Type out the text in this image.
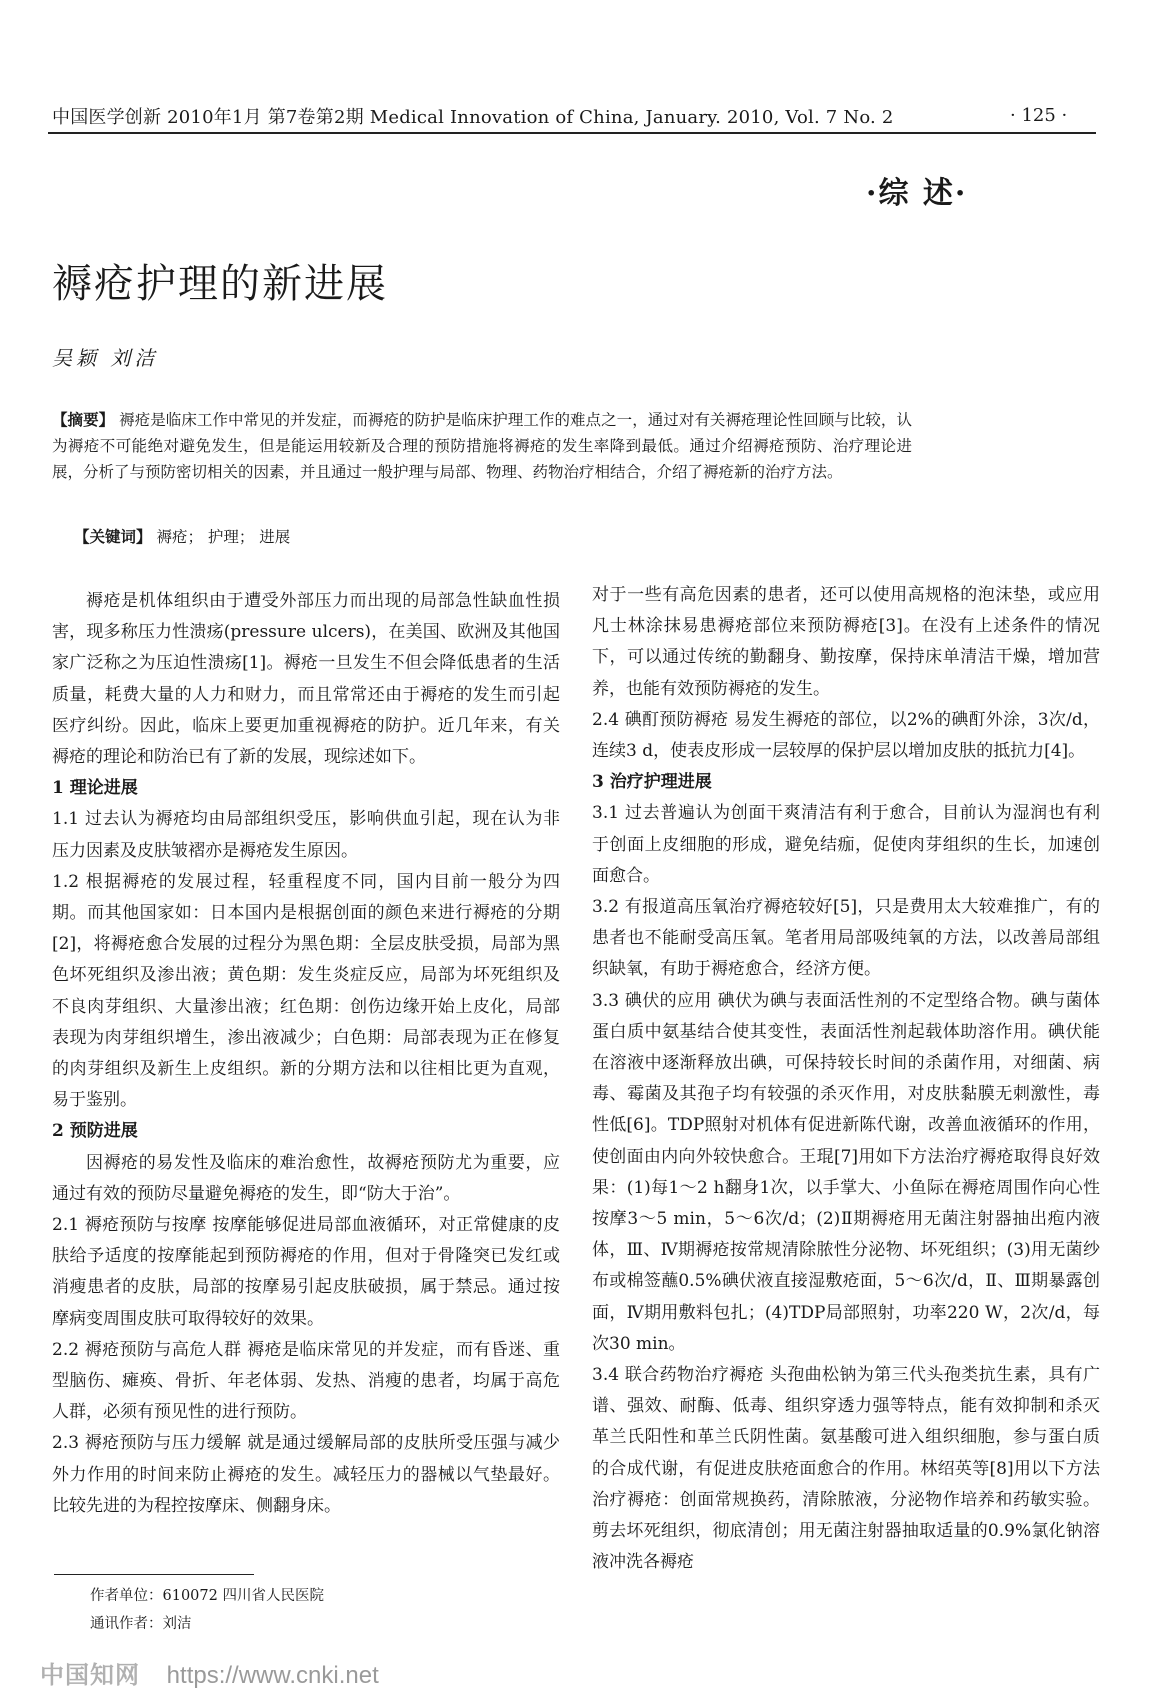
中国医学创新 2010年1月 第7卷第2期 Medical Innovation of China, January. 2010, Vol. 7 No. 2	· 125 ·
·综 述·
褥疮护理的新进展
吴颖 刘洁
【摘要】 褥疮是临床工作中常见的并发症，而褥疮的防护是临床护理工作的难点之一，通过对有关褥疮理论性回顾与比较，认为褥疮不可能绝对避免发生，但是能运用较新及合理的预防措施将褥疮的发生率降到最低。通过介绍褥疮预防、治疗理论进展，分析了与预防密切相关的因素，并且通过一般护理与局部、物理、药物治疗相结合，介绍了褥疮新的治疗方法。
【关键词】 褥疮； 护理； 进展

褥疮是机体组织由于遭受外部压力而出现的局部急性缺血性损害，现多称压力性溃疡(pressure ulcers)，在美国、欧洲及其他国家广泛称之为压迫性溃疡[1]。褥疮一旦发生不但会降低患者的生活质量，耗费大量的人力和财力，而且常常还由于褥疮的发生而引起医疗纠纷。因此，临床上要更加重视褥疮的防护。近几年来，有关褥疮的理论和防治已有了新的发展，现综述如下。

1 理论进展

1.1 过去认为褥疮均由局部组织受压，影响供血引起，现在认为非压力因素及皮肤皱褶亦是褥疮发生原因。

1.2 根据褥疮的发展过程，轻重程度不同，国内目前一般分为四期。而其他国家如：日本国内是根据创面的颜色来进行褥疮的分期[2]，将褥疮愈合发展的过程分为黑色期：全层皮肤受损，局部为黑色坏死组织及渗出液；黄色期：发生炎症反应，局部为坏死组织及不良肉芽组织、大量渗出液；红色期：创伤边缘开始上皮化，局部表现为肉芽组织增生，渗出液减少；白色期：局部表现为正在修复的肉芽组织及新生上皮组织。新的分期方法和以往相比更为直观，易于鉴别。

2 预防进展

因褥疮的易发性及临床的难治愈性，故褥疮预防尤为重要，应通过有效的预防尽量避免褥疮的发生，即“防大于治”。

2.1 褥疮预防与按摩 按摩能够促进局部血液循环，对正常健康的皮肤给予适度的按摩能起到预防褥疮的作用，但对于骨隆突已发红或消瘦患者的皮肤，局部的按摩易引起皮肤破损，属于禁忌。通过按摩病变周围皮肤可取得较好的效果。

2.2 褥疮预防与高危人群 褥疮是临床常见的并发症，而有昏迷、重型脑伤、瘫痪、骨折、年老体弱、发热、消瘦的患者，均属于高危人群，必须有预见性的进行预防。

2.3 褥疮预防与压力缓解 就是通过缓解局部的皮肤所受压强与减少外力作用的时间来防止褥疮的发生。减轻压力的器械以气垫最好。比较先进的为程控按摩床、侧翻身床。

对于一些有高危因素的患者，还可以使用高规格的泡沫垫，或应用凡士林涂抹易患褥疮部位来预防褥疮[3]。在没有上述条件的情况下，可以通过传统的勤翻身、勤按摩，保持床单清洁干燥，增加营养，也能有效预防褥疮的发生。

2.4 碘酊预防褥疮 易发生褥疮的部位，以2%的碘酊外涂，3次/d，连续3 d，使表皮形成一层较厚的保护层以增加皮肤的抵抗力[4]。

3 治疗护理进展

3.1 过去普遍认为创面干爽清洁有利于愈合，目前认为湿润也有利于创面上皮细胞的形成，避免结痂，促使肉芽组织的生长，加速创面愈合。

3.2 有报道高压氧治疗褥疮较好[5]，只是费用太大较难推广，有的患者也不能耐受高压氧。笔者用局部吸纯氧的方法，以改善局部组织缺氧，有助于褥疮愈合，经济方便。

3.3 碘伏的应用 碘伏为碘与表面活性剂的不定型络合物。碘与菌体蛋白质中氨基结合使其变性，表面活性剂起载体助溶作用。碘伏能在溶液中逐渐释放出碘，可保持较长时间的杀菌作用，对细菌、病毒、霉菌及其孢子均有较强的杀灭作用，对皮肤黏膜无刺激性，毒性低[6]。TDP照射对机体有促进新陈代谢，改善血液循环的作用，使创面由内向外较快愈合。王琨[7]用如下方法治疗褥疮取得良好效果：(1)每1～2 h翻身1次，以手掌大、小鱼际在褥疮周围作向心性按摩3～5 min，5～6次/d；(2)Ⅱ期褥疮用无菌注射器抽出疱内液体，Ⅲ、Ⅳ期褥疮按常规清除脓性分泌物、坏死组织；(3)用无菌纱布或棉签蘸0.5%碘伏液直接湿敷疮面，5～6次/d，Ⅱ、Ⅲ期暴露创面，Ⅳ期用敷料包扎；(4)TDP局部照射，功率220 W，2次/d，每次30 min。

3.4 联合药物治疗褥疮 头孢曲松钠为第三代头孢类抗生素，具有广谱、强效、耐酶、低毒、组织穿透力强等特点，能有效抑制和杀灭革兰氏阳性和革兰氏阴性菌。氨基酸可进入组织细胞，参与蛋白质的合成代谢，有促进皮肤疮面愈合的作用。林绍英等[8]用以下方法治疗褥疮：创面常规换药，清除脓液，分泌物作培养和药敏实验。剪去坏死组织，彻底清创；用无菌注射器抽取适量的0.9%氯化钠溶液冲洗各褥疮

作者单位：610072 四川省人民医院
通讯作者：刘洁
中国知网 https://www.cnki.net
